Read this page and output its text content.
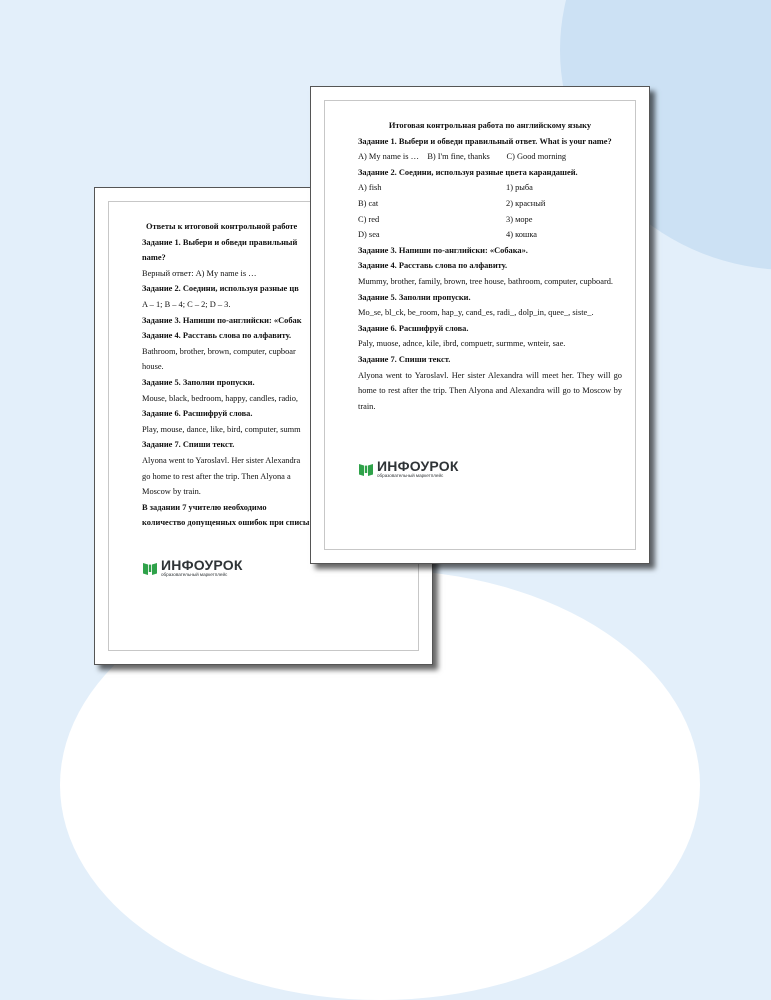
Ответы к итоговой контрольной работе

Задание 1. Выбери и обведи правильный

name?

Верный ответ: А) My name is …

Задание 2. Соедини, используя разные цв

A – 1; B – 4; C – 2; D – 3.

Задание 3. Напиши по-английски: «Собак

Задание 4. Расставь слова по алфавиту.

Bathroom, brother, brown, computer, cupboar

house.

Задание 5. Заполни пропуски.

Mouse, black, bedroom, happy, candles, radio,

Задание 6. Расшифруй слова.

Play, mouse, dance, like, bird, computer, summ

Задание 7. Спиши текст.

Alyona went to Yaroslavl. Her sister Alexandra

go home to rest after the trip. Then Alyona a

Moscow by train.

В задании 7 учителю необходимо

количество допущенных ошибок при списы

ИНФОУРОК
образовательный маркетплейс

Итоговая контрольная работа по английскому языку

Задание 1. Выбери и обведи правильный ответ. What is your name?

A) My name is … B) I'm fine, thanks C) Good morning

Задание 2. Соедини, используя разные цвета карандашей.

A) fish	1) рыба
B) cat	2) красный
C) red	3) море
D) sea	4) кошка

Задание 3. Напиши по-английски: «Собака».

Задание 4. Расставь слова по алфавиту.

Mummy, brother, family, brown, tree house, bathroom, computer, cupboard.

Задание 5. Заполни пропуски.

Mo_se, bl_ck, be_room, hap_y, cand_es, radi_, dolp_in, quee_, siste_.

Задание 6. Расшифруй слова.

Paly, muose, adnce, kile, ibrd, compuetr, surmme, wnteir, sae.

Задание 7. Спиши текст.

Alyona went to Yaroslavl. Her sister Alexandra will meet her. They will go home to rest after the trip. Then Alyona and Alexandra will go to Moscow by train.

ИНФОУРОК
образовательный маркетплейс
